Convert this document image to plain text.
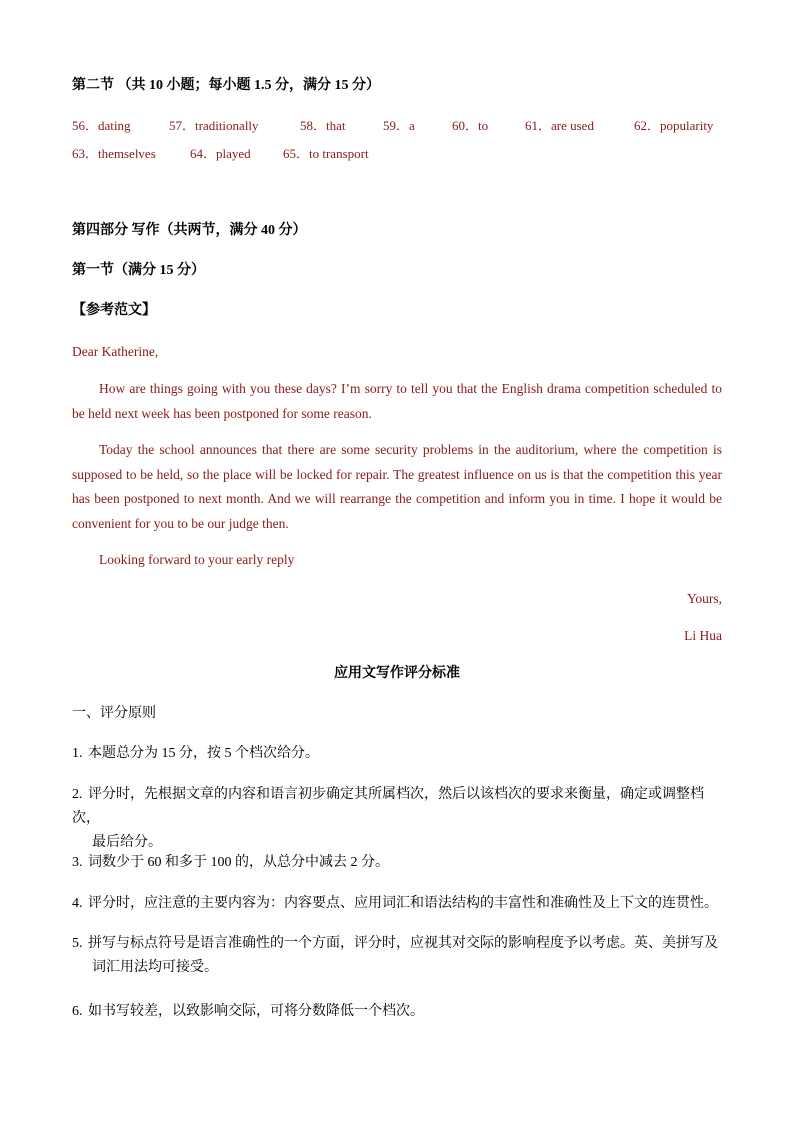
第二节 （共 10 小题；每小题 1.5 分，满分 15 分）
56．dating	57．traditionally	58．that	59．a	60．to	61．are used	62．popularity
63．themselves	64．played 65．to transport
第四部分 写作（共两节，满分 40 分）
第一节（满分 15 分）
【参考范文】
Dear Katherine,

How are things going with you these days? I’m sorry to tell you that the English drama competition scheduled to be held next week has been postponed for some reason.

Today the school announces that there are some security problems in the auditorium, where the competition is supposed to be held, so the place will be locked for repair. The greatest influence on us is that the competition this year has been postponed to next month. And we will rearrange the competition and inform you in time. I hope it would be convenient for you to be our judge then.

Looking forward to your early reply

Yours,
Li Hua
应用文写作评分标准
一、评分原则
1. 本题总分为 15 分，按 5 个档次给分。
2. 评分时，先根据文章的内容和语言初步确定其所属档次，然后以该档次的要求来衡量，确定或调整档次，
最后给分。
3. 词数少于 60 和多于 100 的，从总分中减去 2 分。
4. 评分时，应注意的主要内容为：内容要点、应用词汇和语法结构的丰富性和准确性及上下文的连贯性。
5. 拼写与标点符号是语言准确性的一个方面，评分时，应视其对交际的影响程度予以考虑。英、美拼写及
词汇用法均可接受。
6. 如书写较差，以致影响交际，可将分数降低一个档次。
